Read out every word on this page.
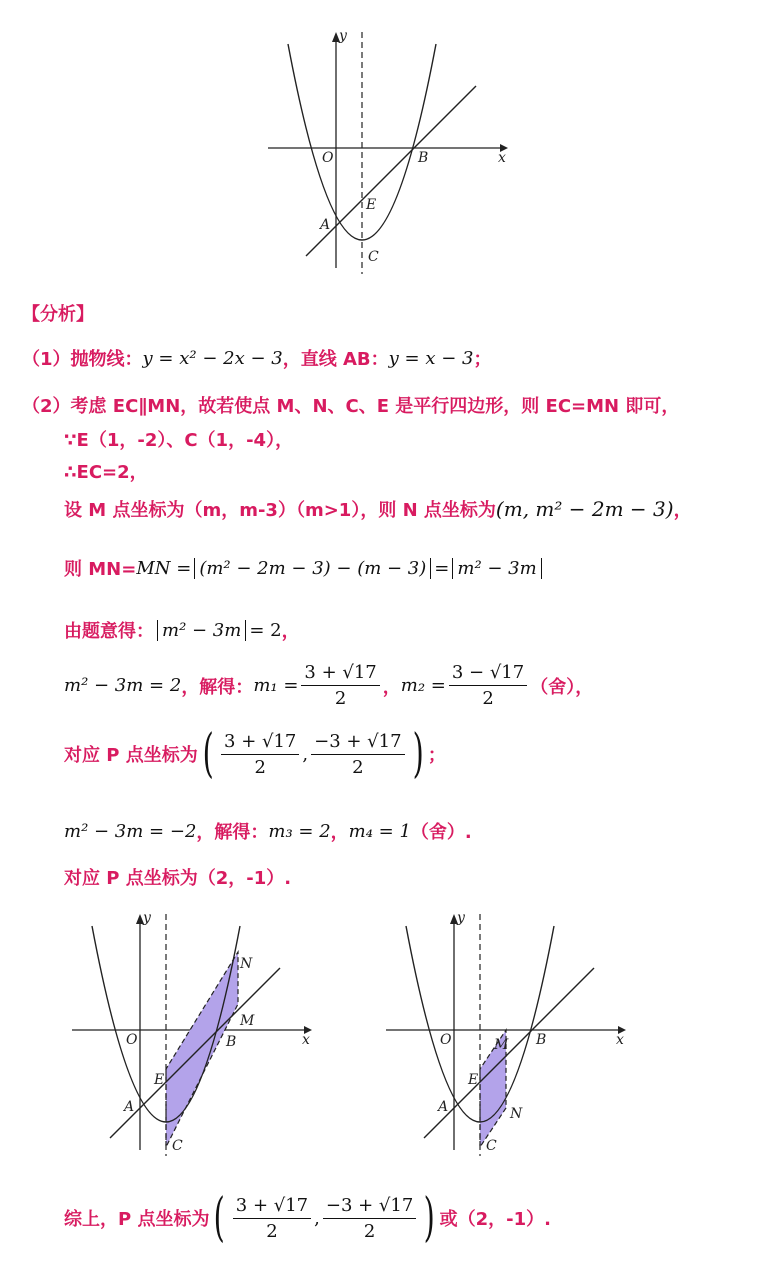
y
x
O	B
A
E
C
【分析】
（1）抛物线： y = x² − 2x − 3 ，直线 AB： y = x − 3 ；
（2）考虑 EC∥MN，故若使点 M、N、C、E 是平行四边形，则 EC=MN 即可，
∵E（1，-2）、C（1，-4），
∴EC=2，
设 M 点坐标为（m，m-3）（m>1），则 N 点坐标为 (m, m² − 2m − 3) ，
则 MN= MN = (m² − 2m − 3) − (m − 3) = m² − 3m
由题意得： m² − 3m = 2 ，
m² − 3m = 2 ，解得： $m_1 = \frac{3 + √17}{2}$ ， $m_2 = \frac{3 - √17}{2}$ （舍），
对应 P 点坐标为 ( $\frac{3 + √17}{2}$ , $\frac{-3 + √17}{2}$ ) ；
m² − 3m = −2 ，解得： m₃ = 2 ， m₄ = 1 （舍）.
对应 P 点坐标为（2，-1）.
y
x
O	B
A
E
C
M
N
y
x
O	B
A
E
C
M
N
综上，P 点坐标为 ( $\frac{3 + √17}{2}$ , $\frac{-3 + √17}{2}$ ) 或（2，-1）.
